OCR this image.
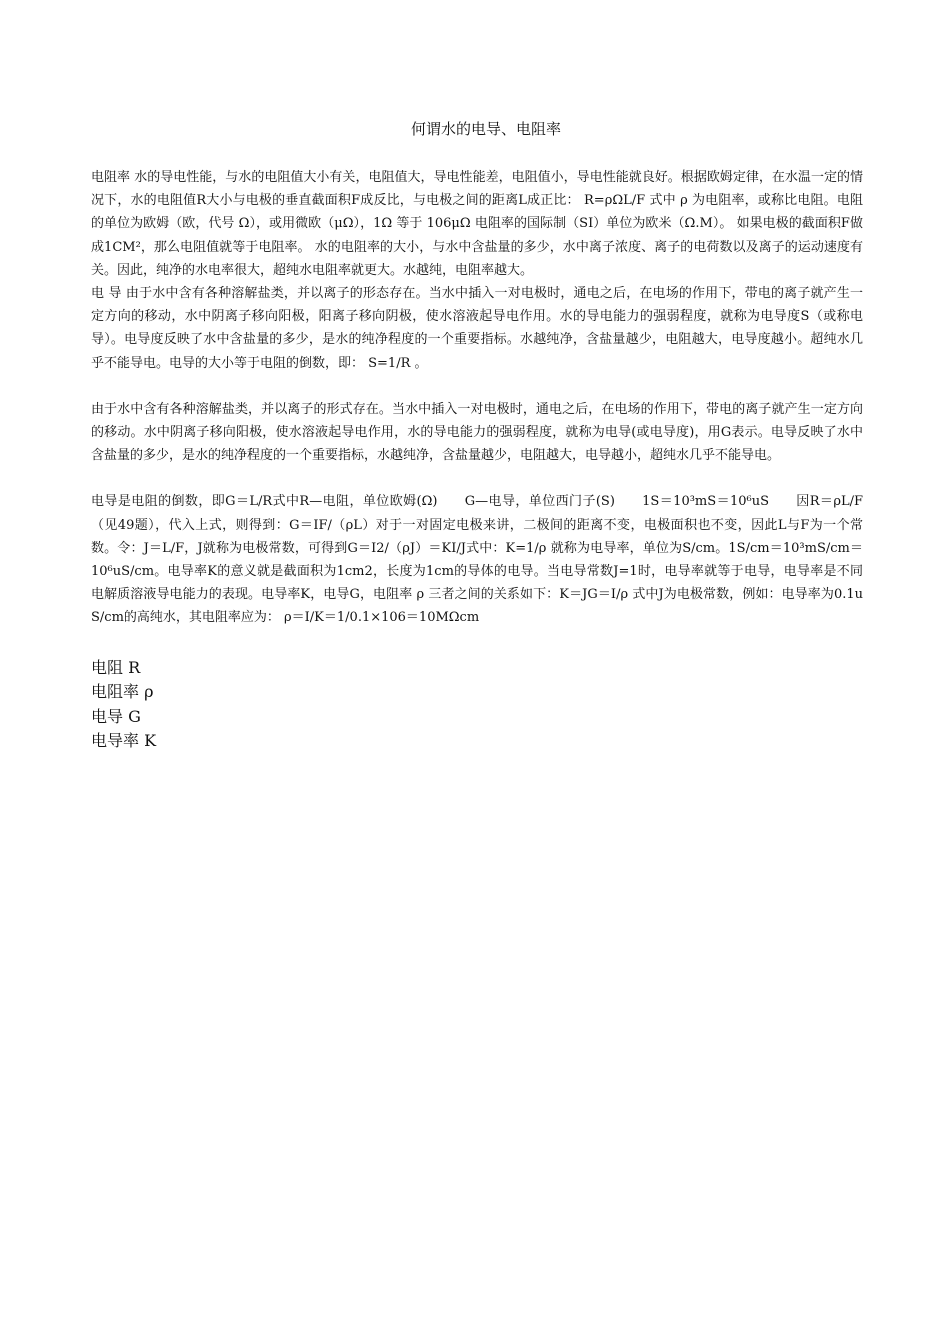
何谓水的电导、电阻率

电阻率 水的导电性能，与水的电阻值大小有关，电阻值大，导电性能差，电阻值小，导电性能就良好。根据欧姆定律，在水温一定的情况下，水的电阻值R大小与电极的垂直截面积F成反比，与电极之间的距离L成正比： R=ρΩL/F 式中 ρ 为电阻率，或称比电阻。电阻的单位为欧姆（欧，代号 Ω），或用微欧（μΩ），1Ω 等于 106μΩ 电阻率的国际制（SI）单位为欧米（Ω.M）。 如果电极的截面积F做成1CM²，那么电阻值就等于电阻率。 水的电阻率的大小，与水中含盐量的多少，水中离子浓度、离子的电荷数以及离子的运动速度有关。因此，纯净的水电率很大，超纯水电阻率就更大。水越纯，电阻率越大。

电 导 由于水中含有各种溶解盐类，并以离子的形态存在。当水中插入一对电极时，通电之后，在电场的作用下，带电的离子就产生一定方向的移动，水中阴离子移向阳极，阳离子移向阴极，使水溶液起导电作用。水的导电能力的强弱程度，就称为电导度S（或称电导）。电导度反映了水中含盐量的多少，是水的纯净程度的一个重要指标。水越纯净，含盐量越少，电阻越大，电导度越小。超纯水几乎不能导电。电导的大小等于电阻的倒数，即： S=1/R 。

由于水中含有各种溶解盐类，并以离子的形式存在。当水中插入一对电极时，通电之后，在电场的作用下，带电的离子就产生一定方向的移动。水中阴离子移向阳极，使水溶液起导电作用，水的导电能力的强弱程度，就称为电导(或电导度)，用G表示。电导反映了水中含盐量的多少，是水的纯净程度的一个重要指标，水越纯净，含盐量越少，电阻越大，电导越小，超纯水几乎不能导电。

电导是电阻的倒数，即G＝L/R式中R—电阻，单位欧姆(Ω)　　G—电导，单位西门子(S)　　1S＝10³mS＝10⁶uS　　因R＝ρL/F（见49题），代入上式，则得到：G＝IF/（ρL）对于一对固定电极来讲，二极间的距离不变，电极面积也不变，因此L与F为一个常数。令：J＝L/F，J就称为电极常数，可得到G＝I2/（ρJ）＝KI/J式中：K=1/ρ 就称为电导率，单位为S/cm。1S/cm＝10³mS/cm＝10⁶uS/cm。电导率K的意义就是截面积为1cm2，长度为1cm的导体的电导。当电导常数J=1时，电导率就等于电导，电导率是不同电解质溶液导电能力的表现。电导率K，电导G，电阻率 ρ 三者之间的关系如下：K＝JG＝I/ρ 式中J为电极常数，例如：电导率为0.1uS/cm的高纯水，其电阻率应为： ρ＝I/K＝1/0.1×106＝10MΩcm

电阻 R
电阻率 ρ
电导 G
电导率 K
